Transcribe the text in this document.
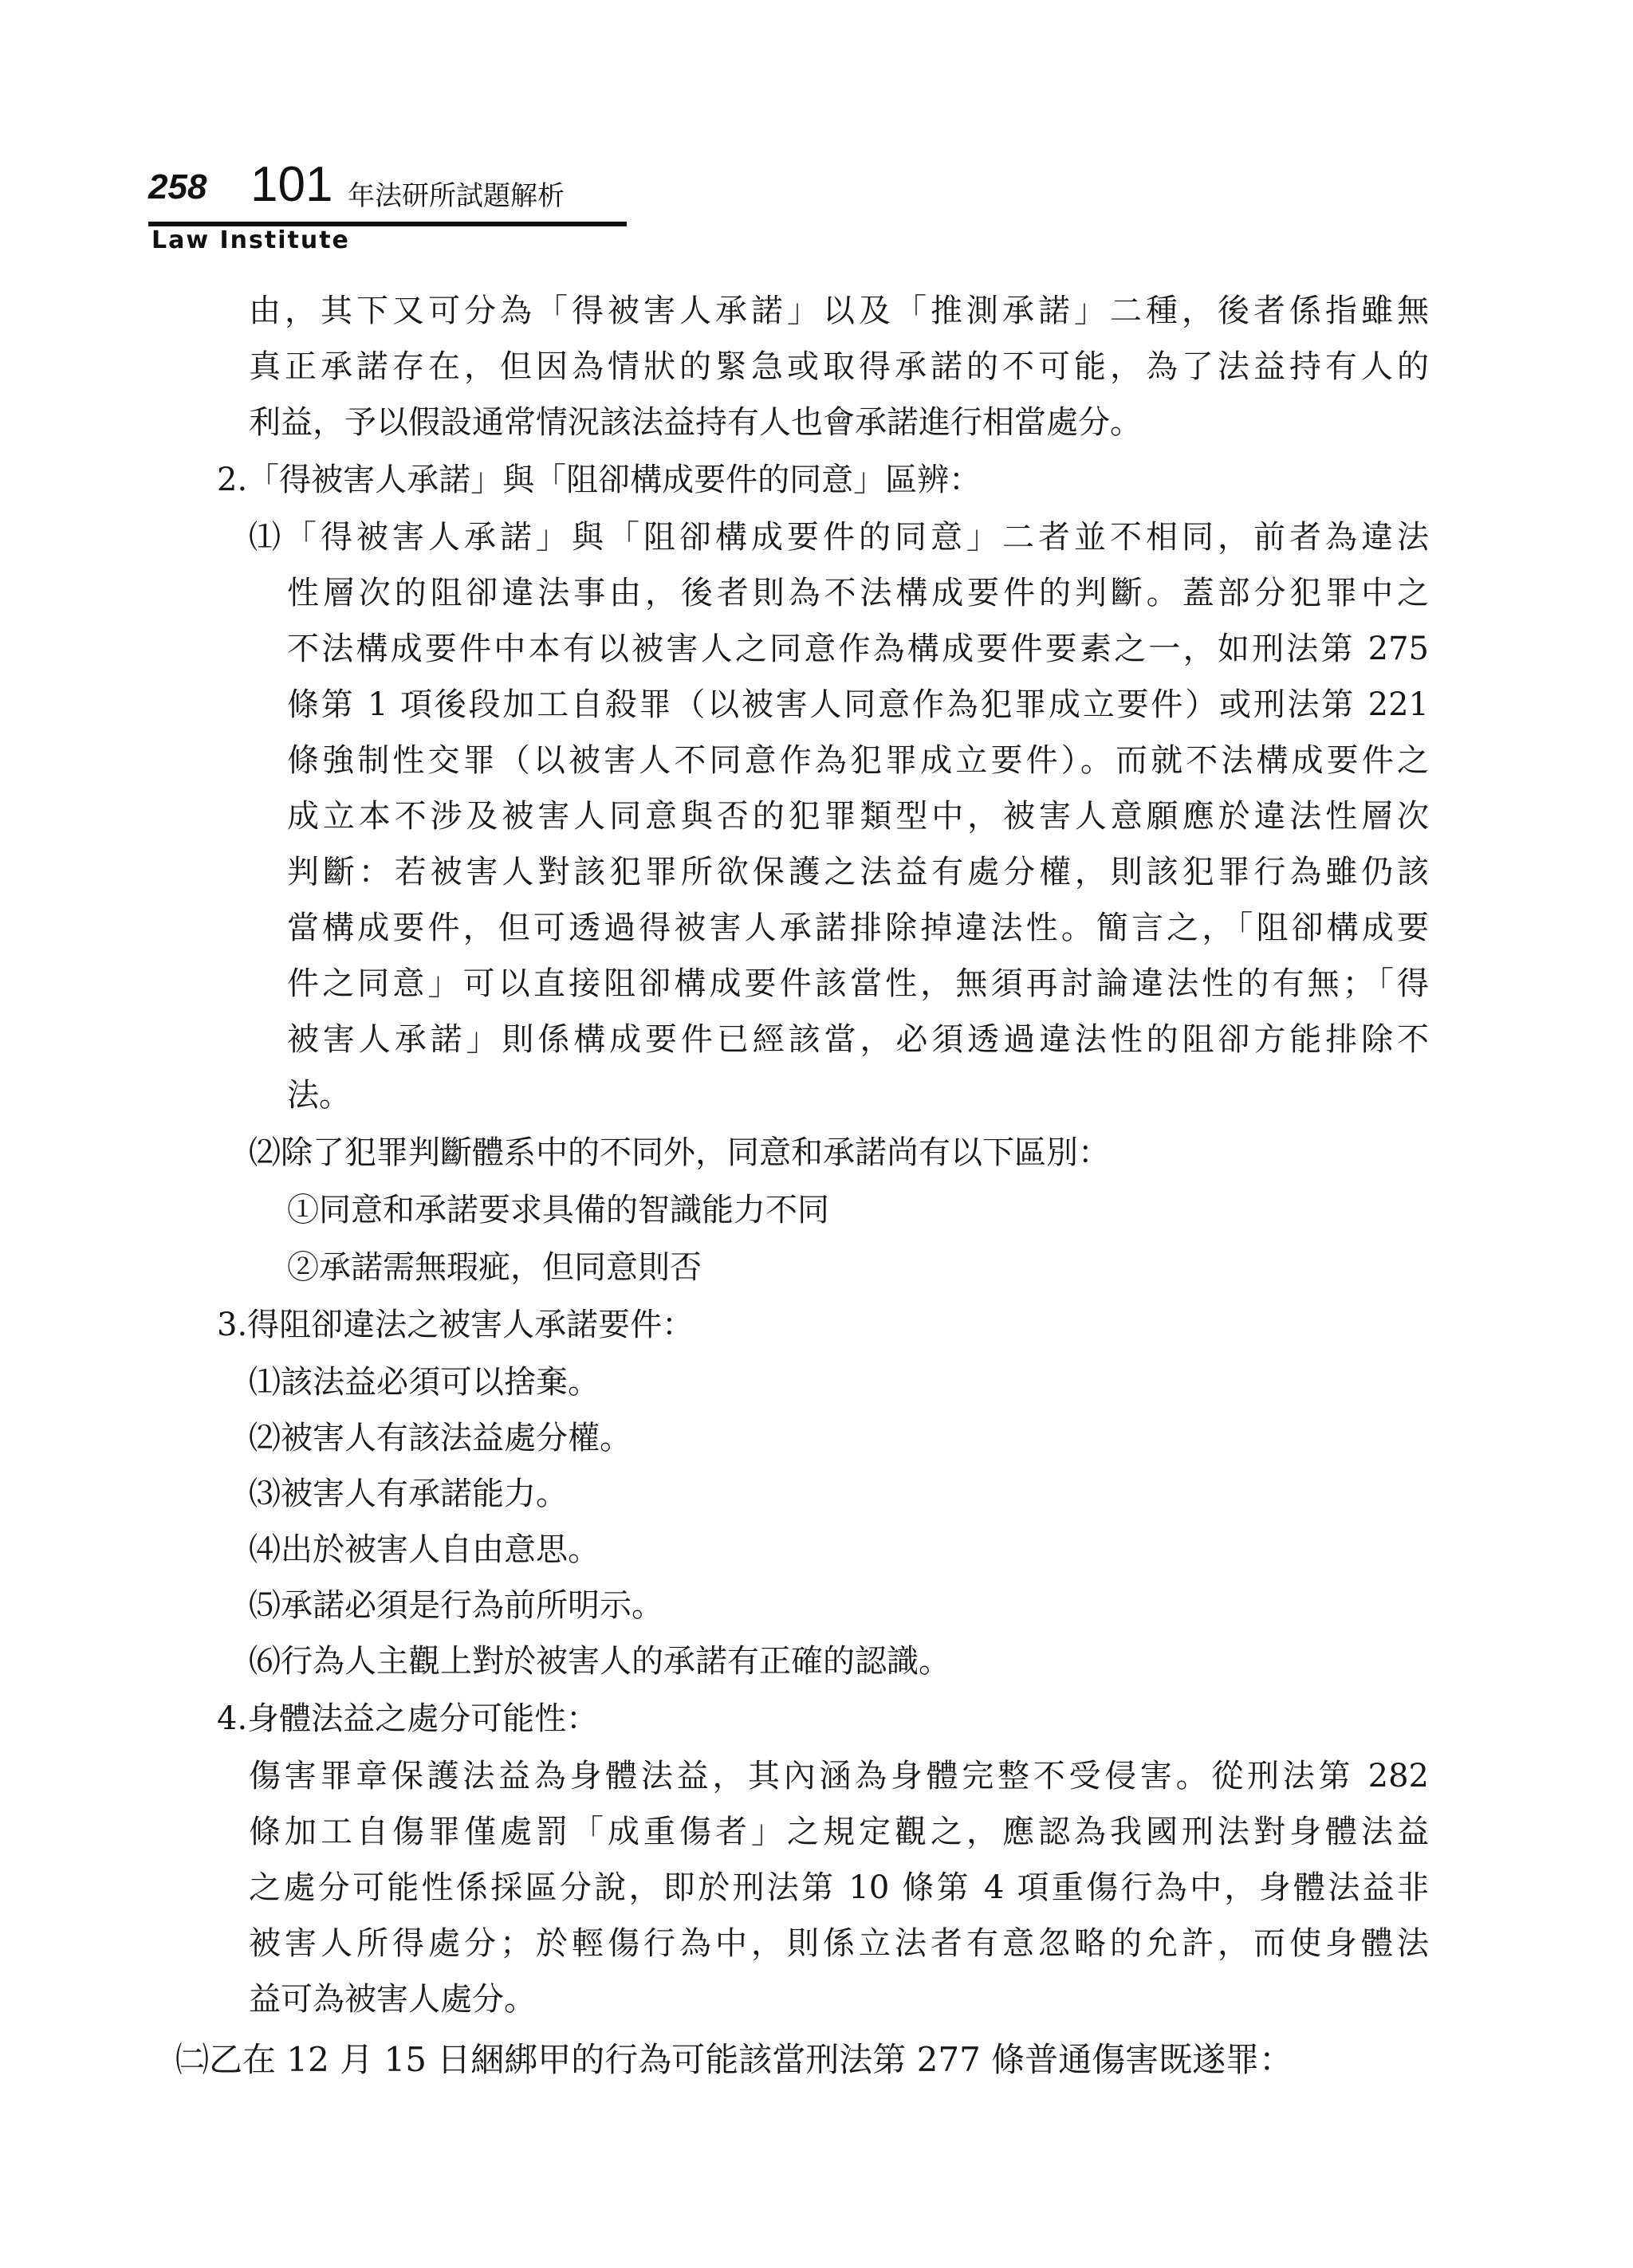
258 101 年法研所試題解析
Law Institute
由，其下又可分為「得被害人承諾」以及「推測承諾」二種，後者係指雖無
真正承諾存在，但因為情狀的緊急或取得承諾的不可能，為了法益持有人的
利益，予以假設通常情況該法益持有人也會承諾進行相當處分。
2.「得被害人承諾」與「阻卻構成要件的同意」區辨：
⑴「得被害人承諾」與「阻卻構成要件的同意」二者並不相同，前者為違法
性層次的阻卻違法事由，後者則為不法構成要件的判斷。蓋部分犯罪中之
不法構成要件中本有以被害人之同意作為構成要件要素之一，如刑法第 275
條第 1 項後段加工自殺罪（以被害人同意作為犯罪成立要件）或刑法第 221
條強制性交罪（以被害人不同意作為犯罪成立要件）。而就不法構成要件之
成立本不涉及被害人同意與否的犯罪類型中，被害人意願應於違法性層次
判斷：若被害人對該犯罪所欲保護之法益有處分權，則該犯罪行為雖仍該
當構成要件，但可透過得被害人承諾排除掉違法性。簡言之，「阻卻構成要
件之同意」可以直接阻卻構成要件該當性，無須再討論違法性的有無；「得
被害人承諾」則係構成要件已經該當，必須透過違法性的阻卻方能排除不
法。
⑵除了犯罪判斷體系中的不同外，同意和承諾尚有以下區別：
①同意和承諾要求具備的智識能力不同
②承諾需無瑕疵，但同意則否
3.得阻卻違法之被害人承諾要件：
⑴該法益必須可以捨棄。
⑵被害人有該法益處分權。
⑶被害人有承諾能力。
⑷出於被害人自由意思。
⑸承諾必須是行為前所明示。
⑹行為人主觀上對於被害人的承諾有正確的認識。
4.身體法益之處分可能性：
傷害罪章保護法益為身體法益，其內涵為身體完整不受侵害。從刑法第 282
條加工自傷罪僅處罰「成重傷者」之規定觀之，應認為我國刑法對身體法益
之處分可能性係採區分說，即於刑法第 10 條第 4 項重傷行為中，身體法益非
被害人所得處分；於輕傷行為中，則係立法者有意忽略的允許，而使身體法
益可為被害人處分。
㈡乙在 12 月 15 日綑綁甲的行為可能該當刑法第 277 條普通傷害既遂罪：
